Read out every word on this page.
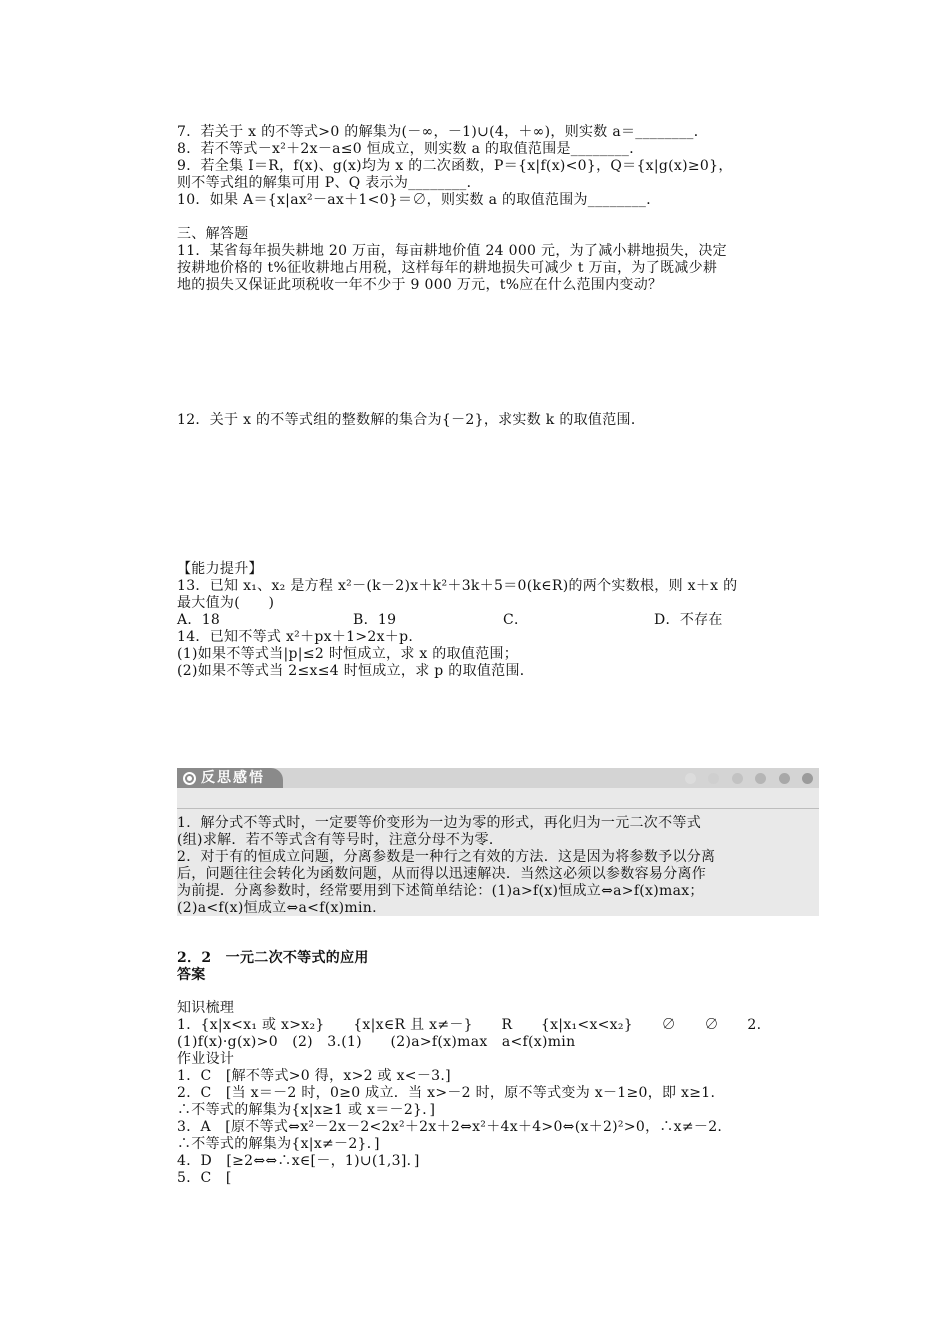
7．若关于 x 的不等式>0 的解集为(－∞，－1)∪(4，＋∞)，则实数 a＝________．
8．若不等式－x²＋2x－a≤0 恒成立，则实数 a 的取值范围是________．
9．若全集 I＝R，f(x)、g(x)均为 x 的二次函数，P＝{x|f(x)<0}，Q＝{x|g(x)≥0}，
则不等式组的解集可用 P、Q 表示为________．
10．如果 A＝{x|ax²－ax＋1<0}＝∅，则实数 a 的取值范围为________．
三、解答题
11．某省每年损失耕地 20 万亩，每亩耕地价值 24 000 元，为了减小耕地损失，决定
按耕地价格的 t%征收耕地占用税，这样每年的耕地损失可减少 t 万亩，为了既减少耕
地的损失又保证此项税收一年不少于 9 000 万元，t%应在什么范围内变动？
12．关于 x 的不等式组的整数解的集合为{－2}，求实数 k 的取值范围．
【能力提升】
13．已知 x₁、x₂ 是方程 x²－(k－2)x＋k²＋3k＋5＝0(k∈R)的两个实数根，则 x＋x 的
最大值为(　　)
A．18	B．19	C．	D．不存在
14．已知不等式 x²＋px＋1>2x＋p.
(1)如果不等式当|p|≤2 时恒成立，求 x 的取值范围；
(2)如果不等式当 2≤x≤4 时恒成立，求 p 的取值范围．
反思感悟

1．解分式不等式时，一定要等价变形为一边为零的形式，再化归为一元二次不等式
(组)求解．若不等式含有等号时，注意分母不为零．
2．对于有的恒成立问题，分离参数是一种行之有效的方法．这是因为将参数予以分离
后，问题往往会转化为函数问题，从而得以迅速解决．当然这必须以参数容易分离作
为前提．分离参数时，经常要用到下述简单结论：(1)a>f(x)恒成立⇔a>f(x)max；
(2)a<f(x)恒成立⇔a<f(x)min.
2．2　一元二次不等式的应用
答案
知识梳理
1．{x|x<x₁ 或 x>x₂}　　{x|x∈R 且 x≠－}　　R　　{x|x₁<x<x₂}　　∅　　∅　　2.
(1)f(x)·g(x)>0　(2)　3.(1)　　(2)a>f(x)max　a<f(x)min
作业设计
1．C　[解不等式>0 得，x>2 或 x<－3.]
2．C　[当 x＝－2 时，0≥0 成立．当 x>－2 时，原不等式变为 x－1≥0，即 x≥1.
∴不等式的解集为{x|x≥1 或 x＝－2}．]
3．A　[原不等式⇔x²－2x－2<2x²＋2x＋2⇔x²＋4x＋4>0⇔(x＋2)²>0，∴x≠－2.
∴不等式的解集为{x|x≠－2}．]
4．D　[≥2⇔⇔∴x∈[－，1)∪(1,3]．]
5．C　[
